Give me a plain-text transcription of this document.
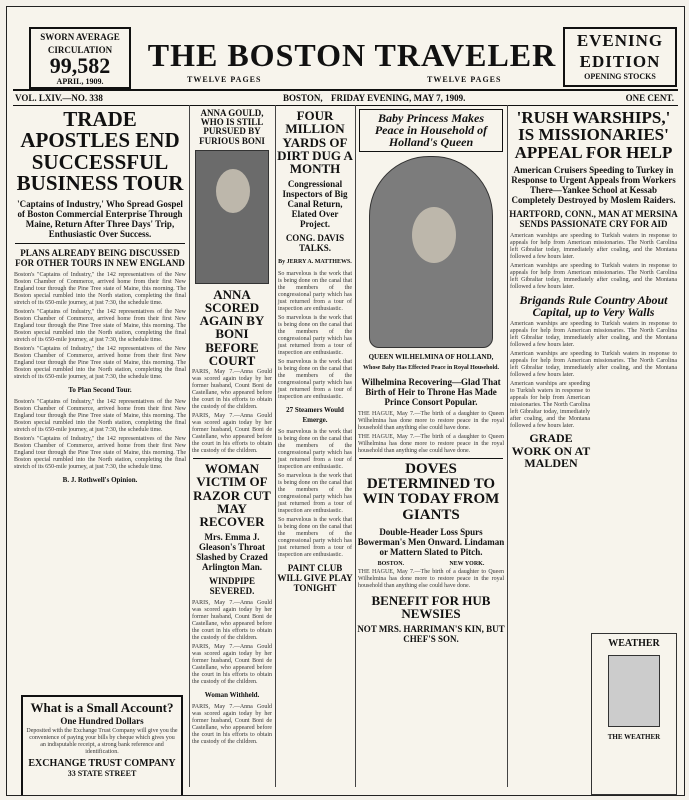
SWORN AVERAGE
CIRCULATION
99,582
APRIL, 1909.
THE BOSTON TRAVELER
TWELVE PAGES	TWELVE PAGES
EVENING
EDITION
OPENING STOCKS
VOL. LXIV.—NO. 338	BOSTON, FRIDAY EVENING, MAY 7, 1909.	ONE CENT.
TRADE APOSTLES END SUCCESSFUL BUSINESS TOUR
'Captains of Industry,' Who Spread Gospel of Boston Commercial Enterprise Through Maine, Return After Three Days' Trip, Enthusiastic Over Success.
PLANS ALREADY BEING DISCUSSED FOR OTHER TOURS IN NEW ENGLAND
Boston's "Captains of Industry," the 142 representatives of the New Boston Chamber of Commerce, arrived home from their first New England tour through the Pine Tree state of Maine, this morning. The Boston special rumbled into the North station, completing the final stretch of its 650-mile journey, at just 7:30, the schedule time.
Boston's "Captains of Industry," the 142 representatives of the New Boston Chamber of Commerce, arrived home from their first New England tour through the Pine Tree state of Maine, this morning. The Boston special rumbled into the North station, completing the final stretch of its 650-mile journey, at just 7:30, the schedule time.
Boston's "Captains of Industry," the 142 representatives of the New Boston Chamber of Commerce, arrived home from their first New England tour through the Pine Tree state of Maine, this morning. The Boston special rumbled into the North station, completing the final stretch of its 650-mile journey, at just 7:30, the schedule time.
To Plan Second Tour.
Boston's "Captains of Industry," the 142 representatives of the New Boston Chamber of Commerce, arrived home from their first New England tour through the Pine Tree state of Maine, this morning. The Boston special rumbled into the North station, completing the final stretch of its 650-mile journey, at just 7:30, the schedule time.
Boston's "Captains of Industry," the 142 representatives of the New Boston Chamber of Commerce, arrived home from their first New England tour through the Pine Tree state of Maine, this morning. The Boston special rumbled into the North station, completing the final stretch of its 650-mile journey, at just 7:30, the schedule time.
B. J. Rothwell's Opinion.
What is a Small Account?
One Hundred Dollars
Deposited with the Exchange Trust Company will give you the convenience of paying your bills by cheque which gives you an indisputable receipt, a strong bank reference and identification.
EXCHANGE TRUST COMPANY
33 STATE STREET
ANNA GOULD, WHO IS STILL PURSUED BY FURIOUS BONI
ANNA SCORED AGAIN BY BONI BEFORE COURT
PARIS, May 7.—Anna Gould was scored again today by her former husband, Count Boni de Castellane, who appeared before the court in his efforts to obtain the custody of the children.
PARIS, May 7.—Anna Gould was scored again today by her former husband, Count Boni de Castellane, who appeared before the court in his efforts to obtain the custody of the children.
WOMAN VICTIM OF RAZOR CUT MAY RECOVER
Mrs. Emma J. Gleason's Throat Slashed by Crazed Arlington Man.
WINDPIPE SEVERED.
PARIS, May 7.—Anna Gould was scored again today by her former husband, Count Boni de Castellane, who appeared before the court in his efforts to obtain the custody of the children.
PARIS, May 7.—Anna Gould was scored again today by her former husband, Count Boni de Castellane, who appeared before the court in his efforts to obtain the custody of the children.
Woman Withheld.
PARIS, May 7.—Anna Gould was scored again today by her former husband, Count Boni de Castellane, who appeared before the court in his efforts to obtain the custody of the children.
FOUR MILLION YARDS OF DIRT DUG A MONTH
Congressional Inspectors of Big Canal Return, Elated Over Project.
CONG. DAVIS TALKS.
By JERRY A. MATTHEWS.
So marvelous is the work that is being done on the canal that the members of the congressional party which has just returned from a tour of inspection are enthusiastic.
So marvelous is the work that is being done on the canal that the members of the congressional party which has just returned from a tour of inspection are enthusiastic.
So marvelous is the work that is being done on the canal that the members of the congressional party which has just returned from a tour of inspection are enthusiastic.
27 Steamers Would Emerge.
So marvelous is the work that is being done on the canal that the members of the congressional party which has just returned from a tour of inspection are enthusiastic.
So marvelous is the work that is being done on the canal that the members of the congressional party which has just returned from a tour of inspection are enthusiastic.
So marvelous is the work that is being done on the canal that the members of the congressional party which has just returned from a tour of inspection are enthusiastic.
PAINT CLUB WILL GIVE PLAY TONIGHT
Baby Princess Makes Peace in Household of Holland's Queen
QUEEN WILHELMINA OF HOLLAND,
Whose Baby Has Effected Peace in Royal Household.
Wilhelmina Recovering—Glad That Birth of Heir to Throne Has Made Prince Consort Popular.
THE HAGUE, May 7.—The birth of a daughter to Queen Wilhelmina has done more to restore peace in the royal household than anything else could have done.
THE HAGUE, May 7.—The birth of a daughter to Queen Wilhelmina has done more to restore peace in the royal household than anything else could have done.
DOVES DETERMINED TO WIN TODAY FROM GIANTS
Double-Header Loss Spurs Bowerman's Men Onward. Lindaman or Mattern Slated to Pitch.
BOSTON.	NEW YORK.
THE HAGUE, May 7.—The birth of a daughter to Queen Wilhelmina has done more to restore peace in the royal household than anything else could have done.
BENEFIT FOR HUB NEWSIES
NOT MRS. HARRIMAN'S KIN, BUT CHEF'S SON.
'RUSH WARSHIPS,' IS MISSIONARIES' APPEAL FOR HELP
American Cruisers Speeding to Turkey in Response to Urgent Appeals from Workers There—Yankee School at Kessab Completely Destroyed by Moslem Raiders.
HARTFORD, CONN., MAN AT MERSINA SENDS PASSIONATE CRY FOR AID
American warships are speeding to Turkish waters in response to appeals for help from American missionaries. The North Carolina left Gibraltar today, immediately after coaling, and the Montana followed a few hours later.
American warships are speeding to Turkish waters in response to appeals for help from American missionaries. The North Carolina left Gibraltar today, immediately after coaling, and the Montana followed a few hours later.
Brigands Rule Country About Capital, up to Very Walls
American warships are speeding to Turkish waters in response to appeals for help from American missionaries. The North Carolina left Gibraltar today, immediately after coaling, and the Montana followed a few hours later.
American warships are speeding to Turkish waters in response to appeals for help from American missionaries. The North Carolina left Gibraltar today, immediately after coaling, and the Montana followed a few hours later.
American warships are speeding to Turkish waters in response to appeals for help from American missionaries. The North Carolina left Gibraltar today, immediately after coaling, and the Montana followed a few hours later.
GRADE WORK ON AT MALDEN
WEATHER
THE WEATHER
